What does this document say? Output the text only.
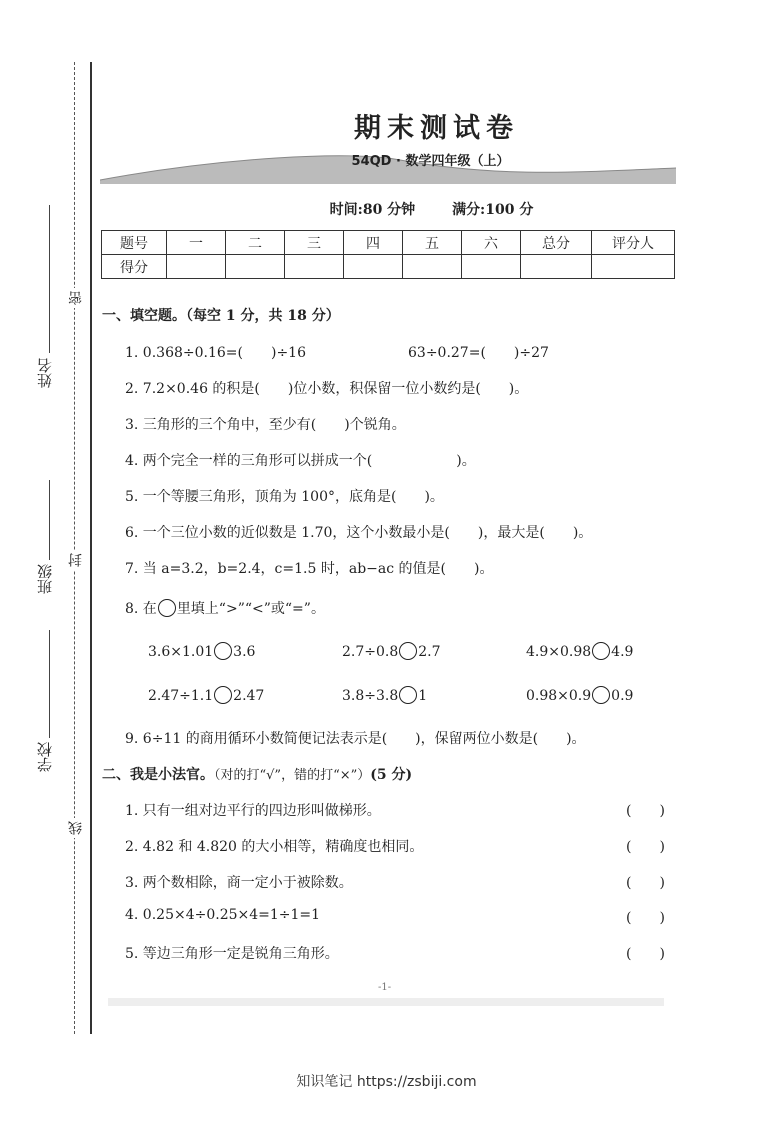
姓名
班级
学校
密
封
线
期末测试卷
54QD · 数学四年级（上）
时间:80 分钟	满分:100 分
题号	一	二	三	四	五	六	总分	评分人
得分								
一、填空题。（每空 1 分，共 18 分）
1. 0.368÷0.16=(　　)÷16	63÷0.27=(　　)÷27
2. 7.2×0.46 的积是(　　)位小数，积保留一位小数约是(　　)。
3. 三角形的三个角中，至少有(　　)个锐角。
4. 两个完全一样的三角形可以拼成一个(　　　　　　)。
5. 一个等腰三角形，顶角为 100°，底角是(　　)。
6. 一个三位小数的近似数是 1.70，这个小数最小是(　　)，最大是(　　)。
7. 当 a=3.2，b=2.4，c=1.5 时，ab−ac 的值是(　　)。
8. 在 里填上“>”“<”或“=”。
3.6×1.01 3.6	2.7÷0.8 2.7	4.9×0.98 4.9
2.47÷1.1 2.47	3.8÷3.8 1	0.98×0.9 0.9
9. 6÷11 的商用循环小数简便记法表示是(　　)，保留两位小数是(　　)。
二、我是小法官。（对的打“√”，错的打“×”）(5 分)
1. 只有一组对边平行的四边形叫做梯形。	(　　)
2. 4.82 和 4.820 的大小相等，精确度也相同。	(　　)
3. 两个数相除，商一定小于被除数。	(　　)
4. 0.25×4÷0.25×4=1÷1=1	(　　)
5. 等边三角形一定是锐角三角形。	(　　)
-1-
知识笔记 https://zsbiji.com
